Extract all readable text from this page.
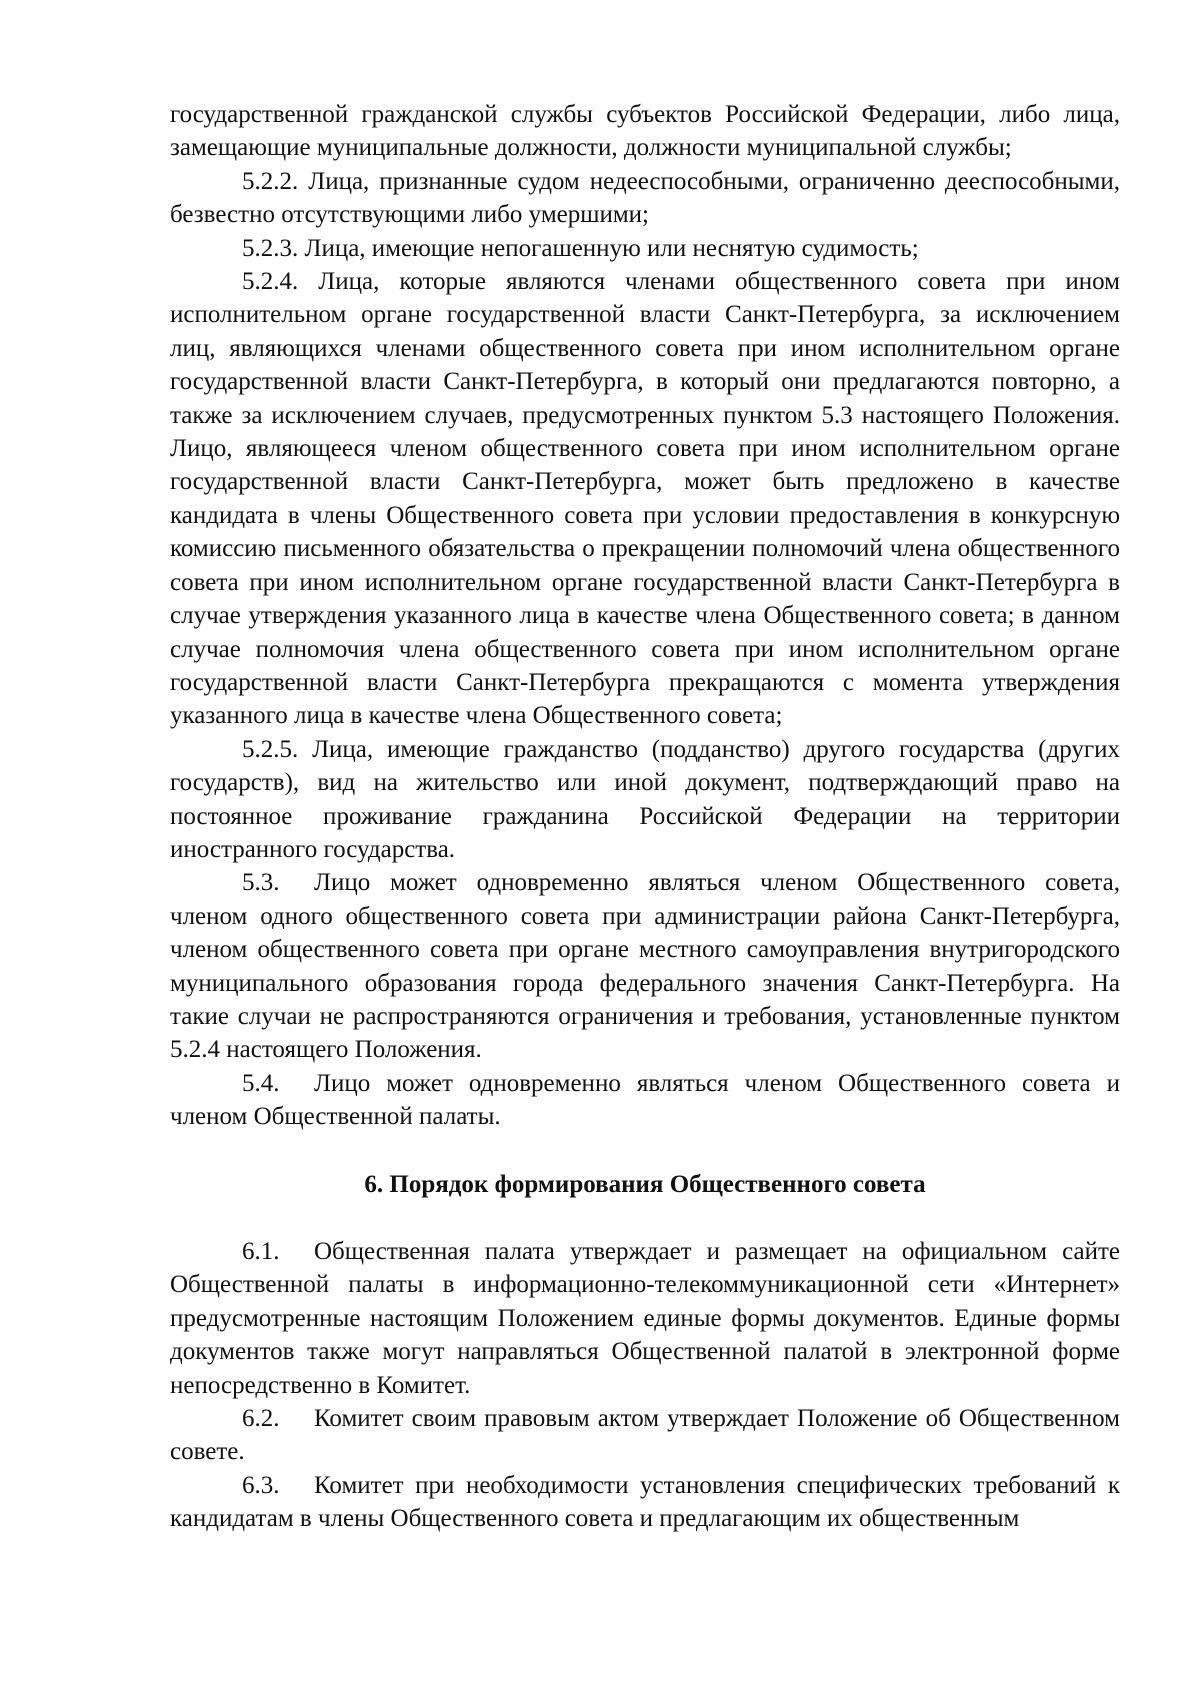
государственной гражданской службы субъектов Российской Федерации, либо лица, замещающие муниципальные должности, должности муниципальной службы;

5.2.2. Лица, признанные судом недееспособными, ограниченно дееспособными, безвестно отсутствующими либо умершими;

5.2.3. Лица, имеющие непогашенную или неснятую судимость;

5.2.4. Лица, которые являются членами общественного совета при ином исполнительном органе государственной власти Санкт-Петербурга, за исключением лиц, являющихся членами общественного совета при ином исполнительном органе государственной власти Санкт-Петербурга, в который они предлагаются повторно, а также за исключением случаев, предусмотренных пунктом 5.3 настоящего Положения. Лицо, являющееся членом общественного совета при ином исполнительном органе государственной власти Санкт-Петербурга, может быть предложено в качестве кандидата в члены Общественного совета при условии предоставления в конкурсную комиссию письменного обязательства о прекращении полномочий члена общественного совета при ином исполнительном органе государственной власти Санкт-Петербурга в случае утверждения указанного лица в качестве члена Общественного совета; в данном случае полномочия члена общественного совета при ином исполнительном органе государственной власти Санкт-Петербурга прекращаются с момента утверждения указанного лица в качестве члена Общественного совета;

5.2.5. Лица, имеющие гражданство (подданство) другого государства (других государств), вид на жительство или иной документ, подтверждающий право на постоянное проживание гражданина Российской Федерации на территории иностранного государства.

5.3. Лицо может одновременно являться членом Общественного совета, членом одного общественного совета при администрации района Санкт-Петербурга, членом общественного совета при органе местного самоуправления внутригородского муниципального образования города федерального значения Санкт-Петербурга. На такие случаи не распространяются ограничения и требования, установленные пунктом 5.2.4 настоящего Положения.

5.4. Лицо может одновременно являться членом Общественного совета и членом Общественной палаты.

6. Порядок формирования Общественного совета

6.1. Общественная палата утверждает и размещает на официальном сайте Общественной палаты в информационно-телекоммуникационной сети «Интернет» предусмотренные настоящим Положением единые формы документов. Единые формы документов также могут направляться Общественной палатой в электронной форме непосредственно в Комитет.

6.2. Комитет своим правовым актом утверждает Положение об Общественном совете.

6.3. Комитет при необходимости установления специфических требований к кандидатам в члены Общественного совета и предлагающим их общественным
